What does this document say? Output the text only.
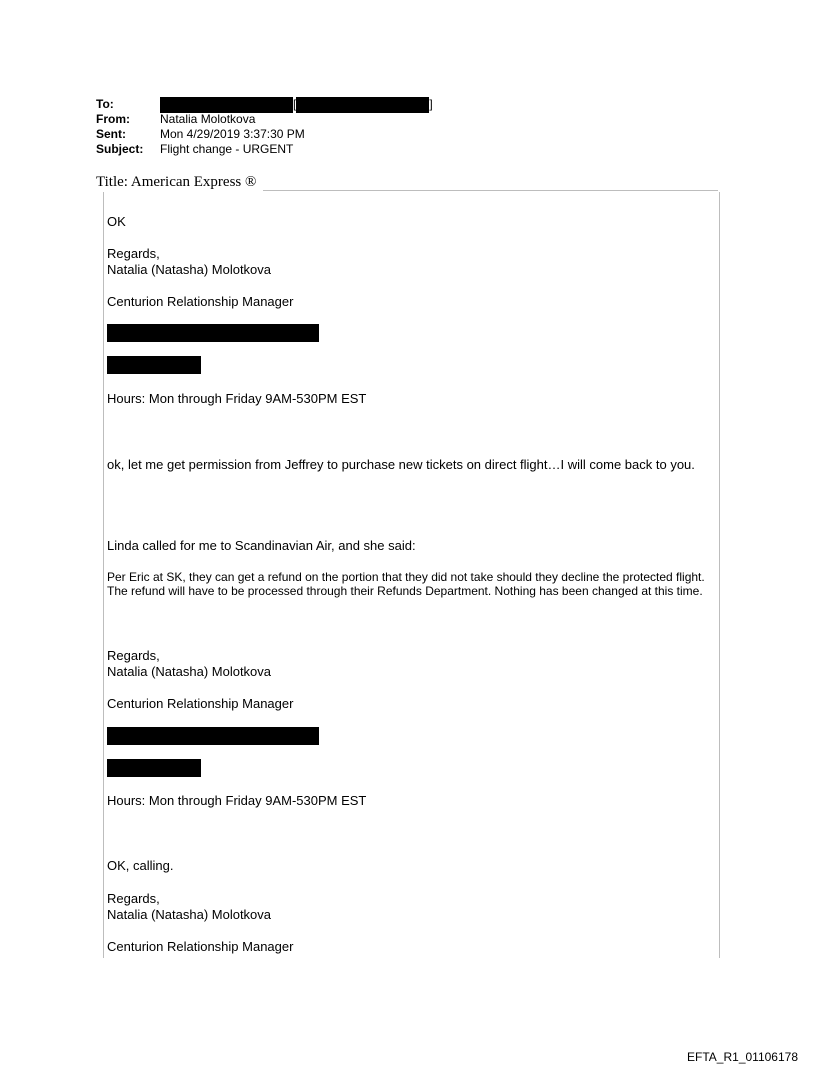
To:	[	]
From:	Natalia Molotkova
Sent:	Mon 4/29/2019 3:37:30 PM
Subject:	Flight change - URGENT
Title: American Express ®
OK
Regards,
Natalia (Natasha) Molotkova
Centurion Relationship Manager
Hours: Mon through Friday 9AM-530PM EST
ok, let me get permission from Jeffrey to purchase new tickets on direct flight…I will come back to you.
Linda called for me to Scandinavian Air, and she said:
Per Eric at SK, they can get a refund on the portion that they did not take should they decline the protected flight. The refund will have to be processed through their Refunds Department. Nothing has been changed at this time.
Regards,
Natalia (Natasha) Molotkova
Centurion Relationship Manager
Hours: Mon through Friday 9AM-530PM EST
OK, calling.
Regards,
Natalia (Natasha) Molotkova
Centurion Relationship Manager
EFTA_R1_01106178
